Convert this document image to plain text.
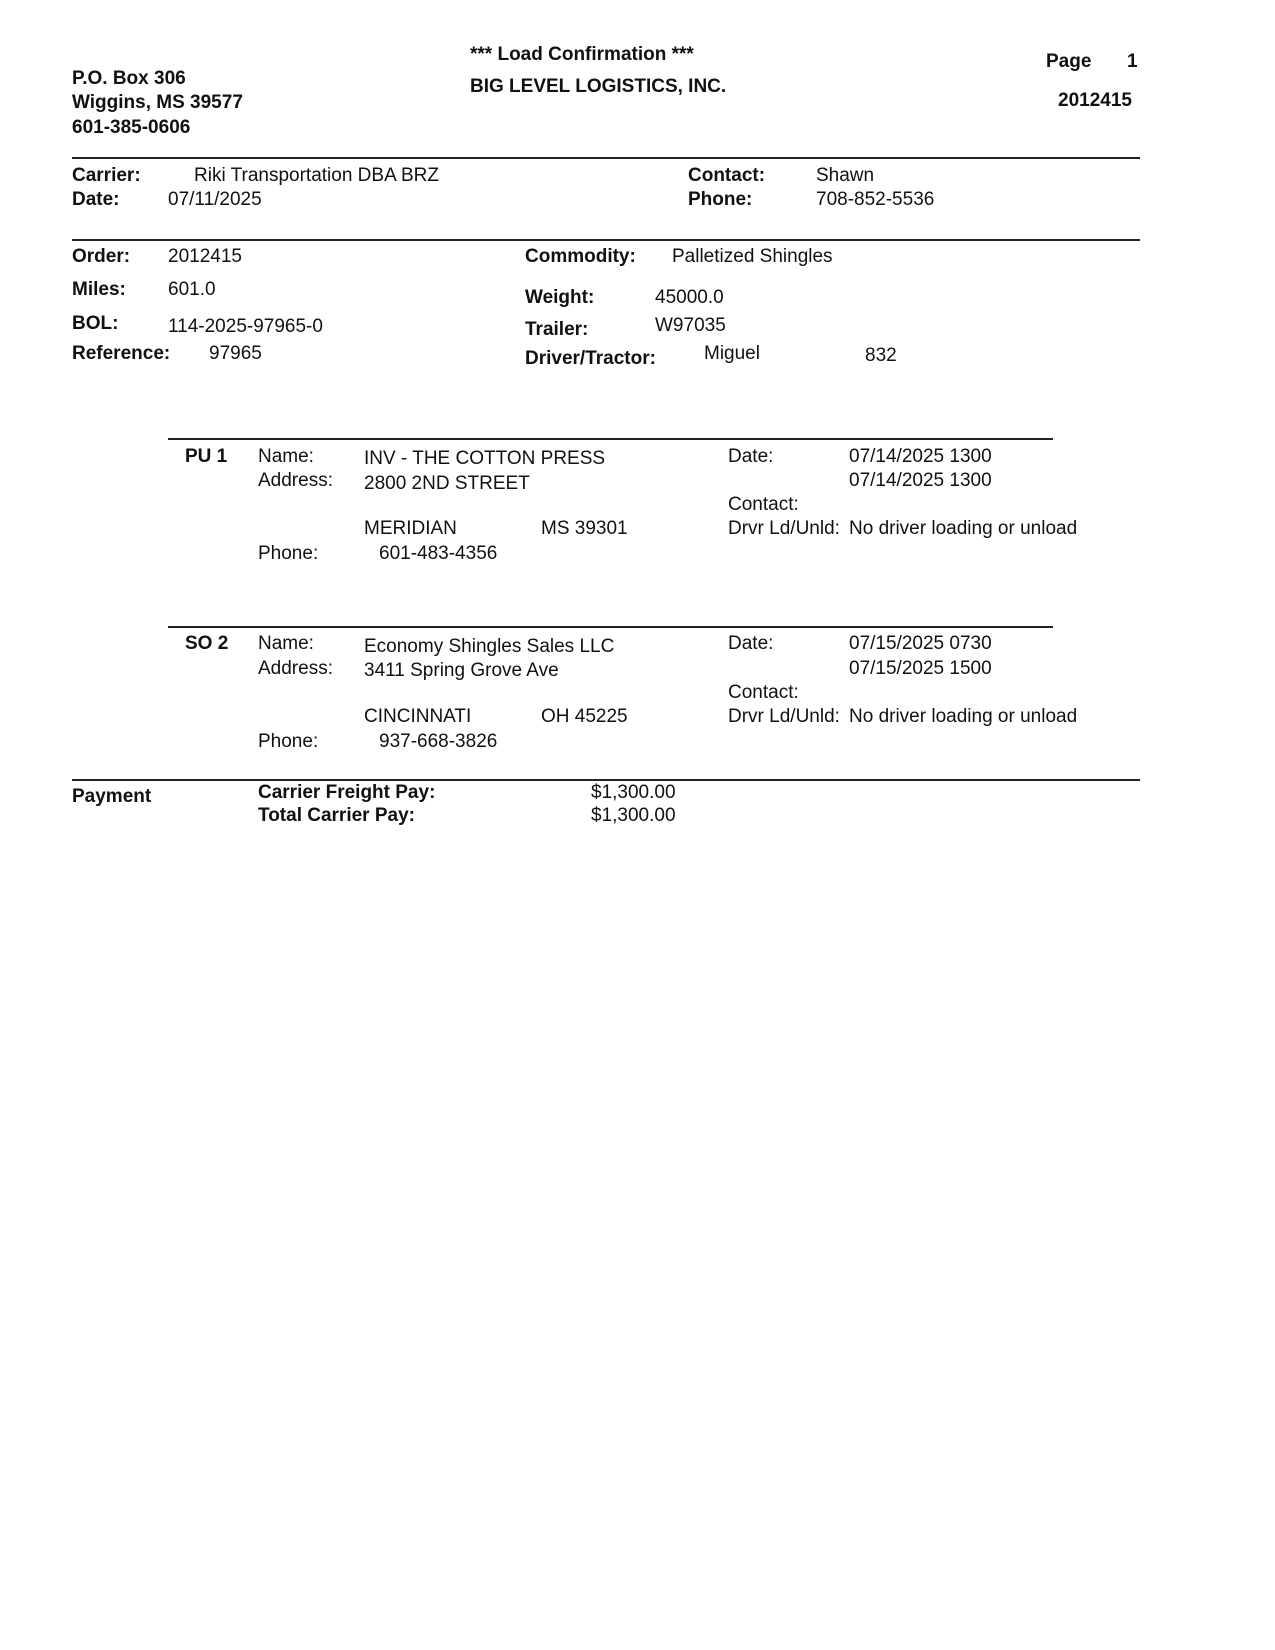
*** Load Confirmation ***
BIG LEVEL LOGISTICS, INC.
P.O. Box 306
Wiggins, MS 39577
601-385-0606
Page 1
2012415
Carrier:	Riki Transportation DBA BRZ
Date:	07/11/2025
Contact:	Shawn
Phone:	708-852-5536
Order: 2012415
Miles: 601.0
BOL:	114-2025-97965-0
Reference: 97965
Commodity: Palletized Shingles
Weight:	45000.0
Trailer:	W97035
Driver/Tractor:	Miguel	832
PU 1 Name:	INV - THE COTTON PRESS
Address: 2800 2ND STREET
MERIDIAN	MS 39301
Phone:	601-483-4356
Date:	07/14/2025 1300
07/14/2025 1300
Contact:
Drvr Ld/Unld: No driver loading or unload
SO 2 Name:	Economy Shingles Sales LLC
Address: 3411 Spring Grove Ave
CINCINNATI	OH 45225
Phone:	937-668-3826
Date:	07/15/2025 0730
07/15/2025 1500
Contact:
Drvr Ld/Unld: No driver loading or unload
Payment	Carrier Freight Pay:	$1,300.00
Total Carrier Pay:	$1,300.00
